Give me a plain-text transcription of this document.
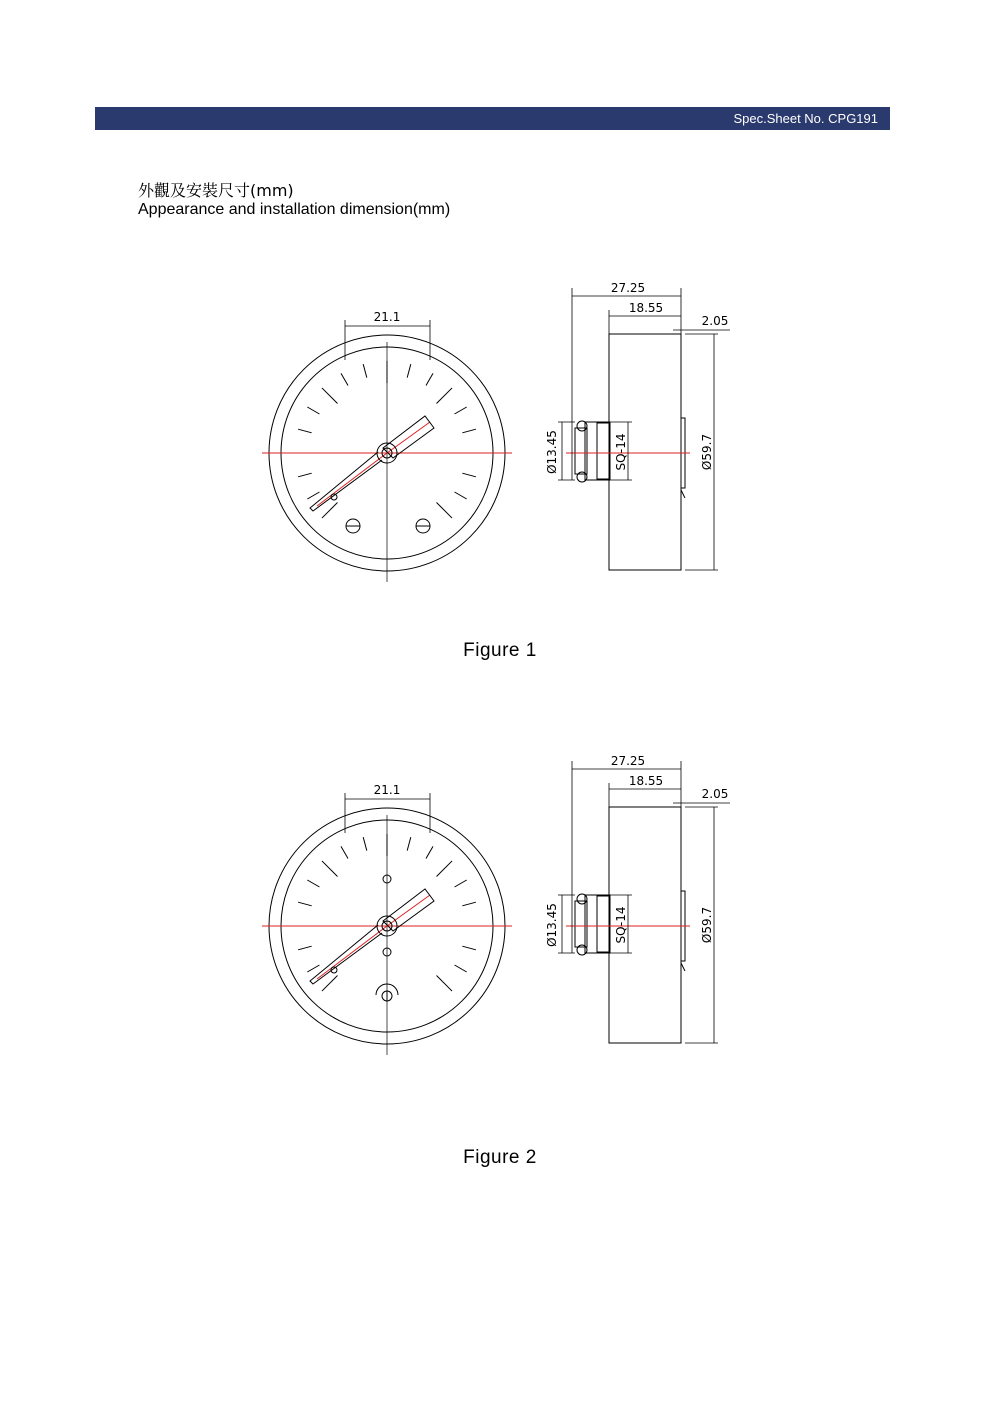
Spec.Sheet No. CPG191
外觀及安裝尺寸(mm)
Appearance and installation dimension(mm)
21.1
27.25
18.55
2.05
Ø13.45	SQ-14	Ø59.7
Figure 1
21.1
27.25
18.55
2.05
Ø13.45	SQ-14	Ø59.7
Figure 2
